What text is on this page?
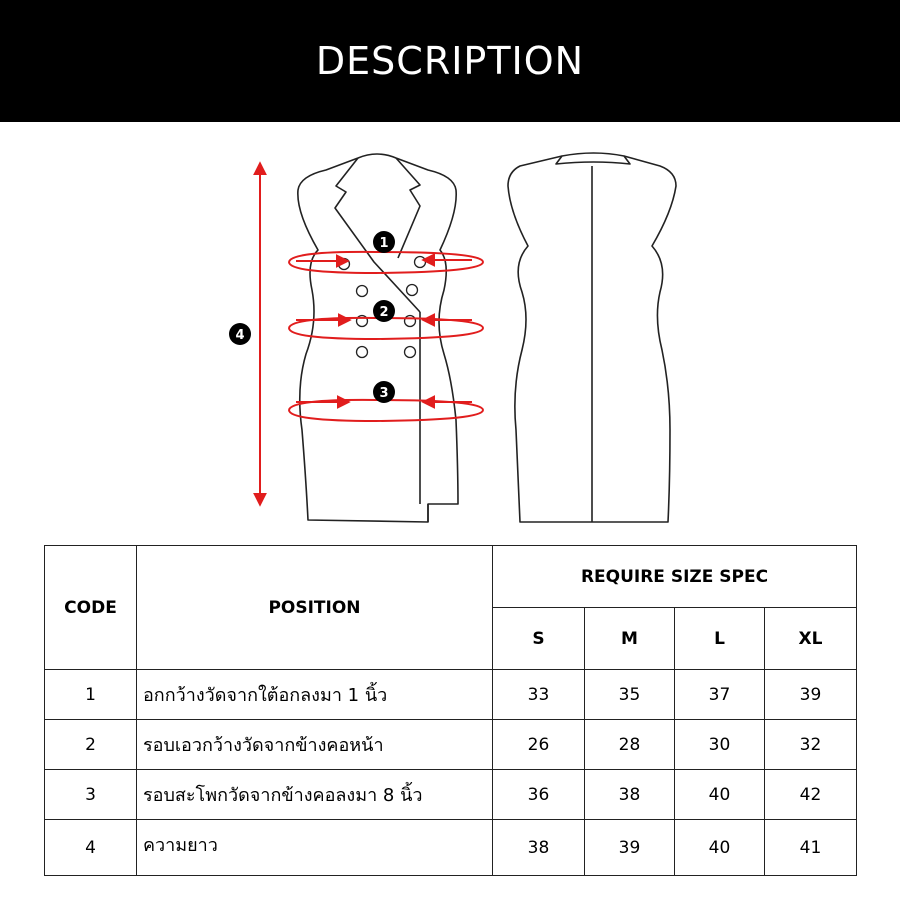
DESCRIPTION
1
2
3
4
CODE	POSITION	REQUIRE SIZE SPEC			
		S	M	L	XL
1	อกกว้างวัดจากใต้อกลงมา 1 นิ้ว	33	35	37	39
2	รอบเอวกว้างวัดจากข้างคอหน้า	26	28	30	32
3	รอบสะโพกวัดจากข้างคอลงมา 8 นิ้ว	36	38	40	42
4	ความยาว	38	39	40	41
